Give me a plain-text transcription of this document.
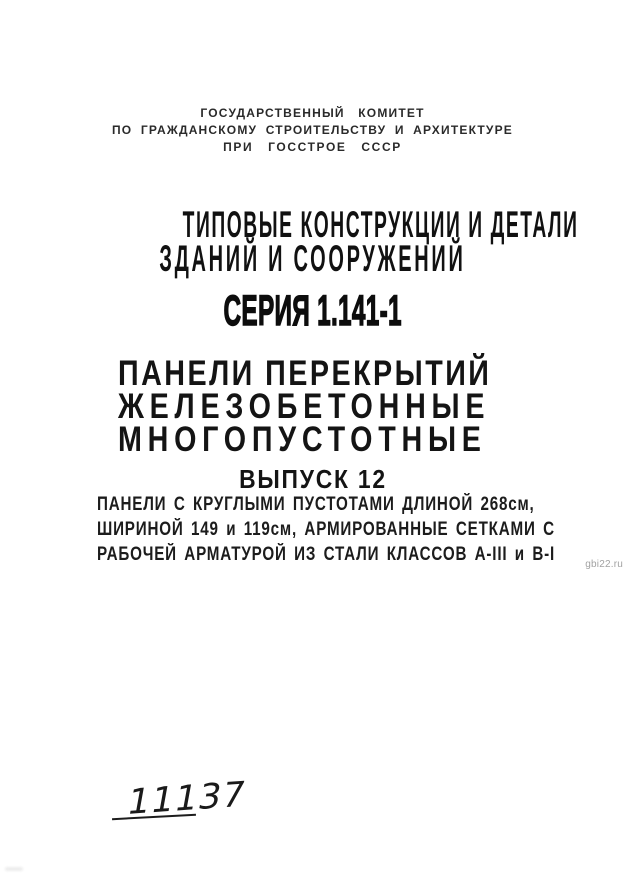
ГОСУДАРСТВЕННЫЙ КОМИТЕТ
ПО ГРАЖДАНСКОМУ СТРОИТЕЛЬСТВУ И АРХИТЕКТУРЕ
ПРИ ГОССТРОЕ СССР
ТИПОВЫЕ КОНСТРУКЦИИ И ДЕТАЛИ
ЗДАНИЙ И СООРУЖЕНИЙ
СЕРИЯ 1.141-1
ПАНЕЛИ ПЕРЕКРЫТИЙ
ЖЕЛЕЗОБЕТОННЫЕ
МНОГОПУСТОТНЫЕ
ВЫПУСК 12
ПАНЕЛИ С КРУГЛЫМИ ПУСТОТАМИ ДЛИНОЙ 268см,
ШИРИНОЙ 149 и 119см, АРМИРОВАННЫЕ СЕТКАМИ С
РАБОЧЕЙ АРМАТУРОЙ ИЗ СТАЛИ КЛАССОВ А-III и В-I	gbi22.ru
11137
